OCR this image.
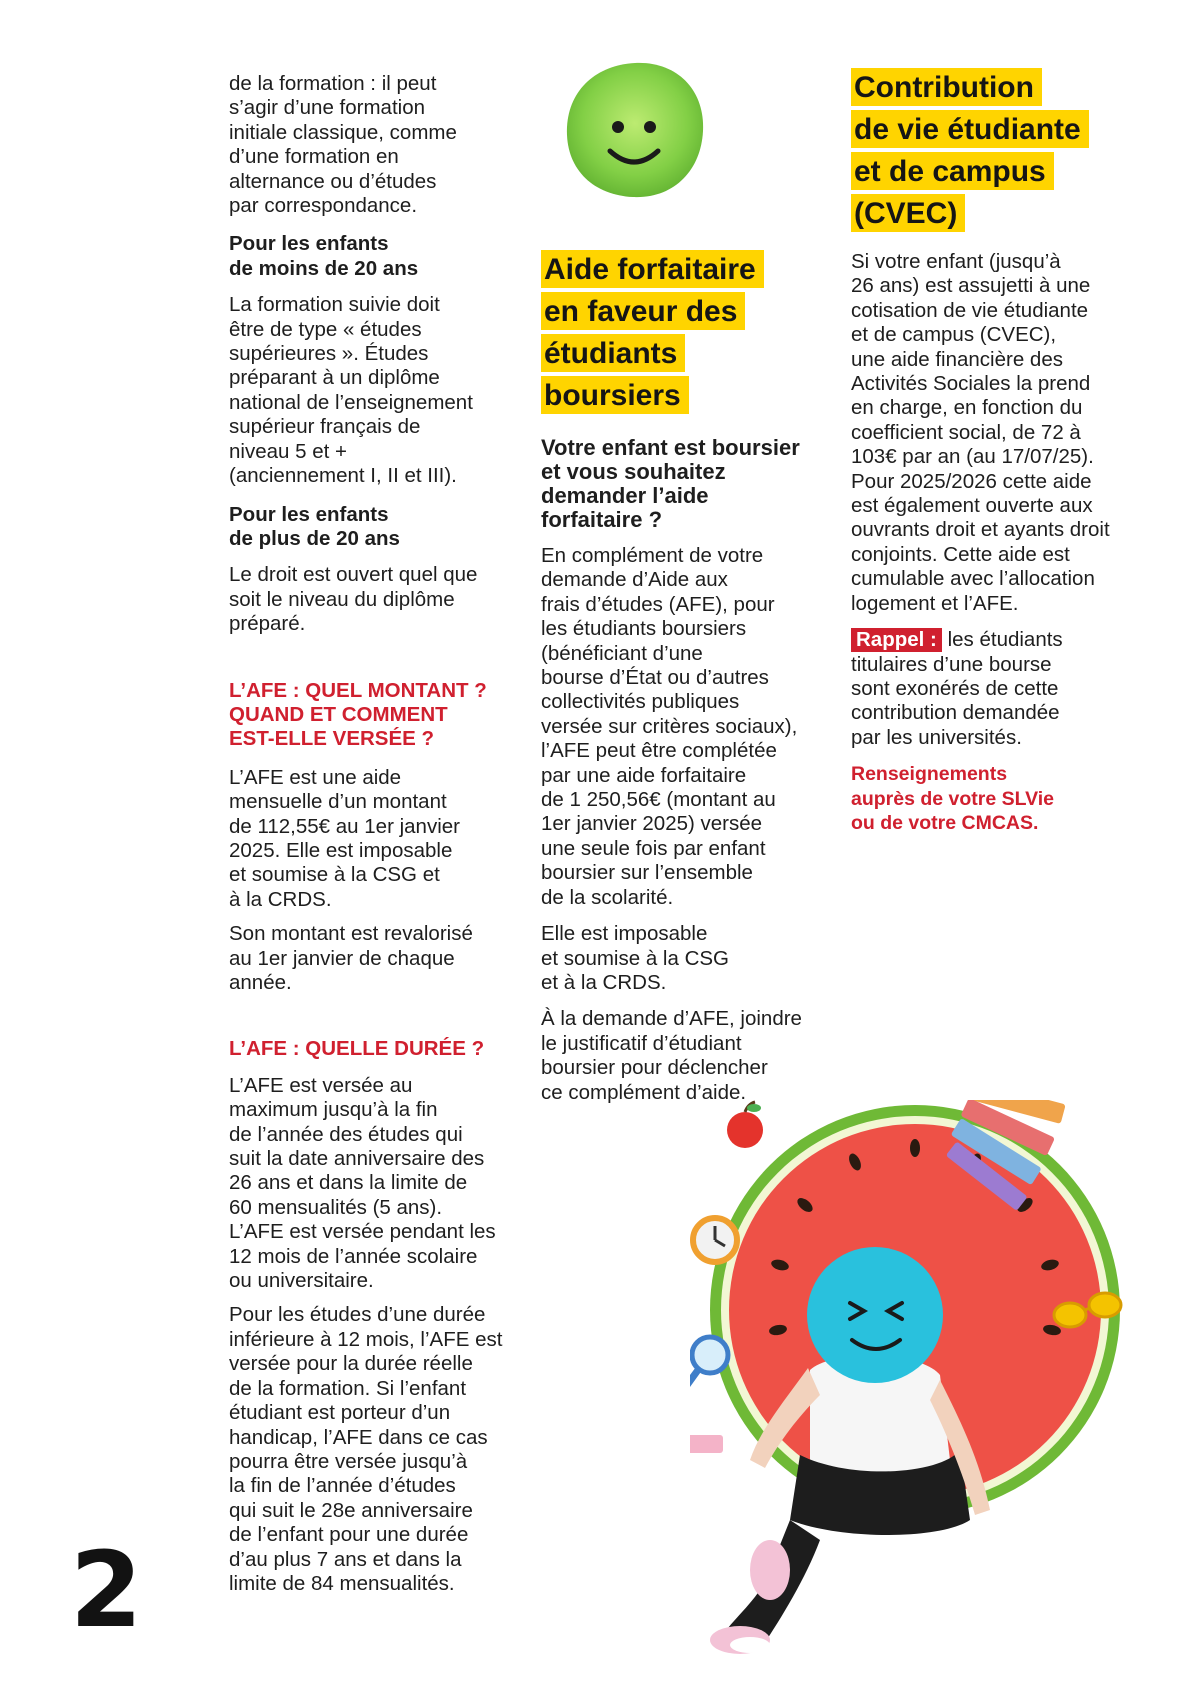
de la formation : il peut
s’agir d’une formation
initiale classique, comme
d’une formation en
alternance ou d’études
par correspondance.

Pour les enfants
de moins de 20 ans

La formation suivie doit
être de type « études
supérieures ». Études
préparant à un diplôme
national de l’enseignement
supérieur français de
niveau 5 et +
(anciennement I, II et III).

Pour les enfants
de plus de 20 ans

Le droit est ouvert quel que
soit le niveau du diplôme
préparé.

L’AFE : QUEL MONTANT ?
QUAND ET COMMENT
EST-ELLE VERSÉE ?

L’AFE est une aide
mensuelle d’un montant
de 112,55€ au 1er janvier
2025. Elle est imposable
et soumise à la CSG et
à la CRDS.

Son montant est revalorisé
au 1er janvier de chaque
année.

L’AFE : QUELLE DURÉE ?

L’AFE est versée au
maximum jusqu’à la fin
de l’année des études qui
suit la date anniversaire des
26 ans et dans la limite de
60 mensualités (5 ans).
L’AFE est versée pendant les
12 mois de l’année scolaire
ou universitaire.

Pour les études d’une durée
inférieure à 12 mois, l’AFE est
versée pour la durée réelle
de la formation. Si l’enfant
étudiant est porteur d’un
handicap, l’AFE dans ce cas
pourra être versée jusqu’à
la fin de l’année d’études
qui suit le 28e anniversaire
de l’enfant pour une durée
d’au plus 7 ans et dans la
limite de 84 mensualités.

Aide forfaitaire
en faveur des
étudiants
boursiers

Votre enfant est boursier
et vous souhaitez
demander l’aide
forfaitaire ?

En complément de votre
demande d’Aide aux
frais d’études (AFE), pour
les étudiants boursiers
(bénéficiant d’une
bourse d’État ou d’autres
collectivités publiques
versée sur critères sociaux),
l’AFE peut être complétée
par une aide forfaitaire
de 1 250,56€ (montant au
1er janvier 2025) versée
une seule fois par enfant
boursier sur l’ensemble
de la scolarité.

Elle est imposable
et soumise à la CSG
et à la CRDS.

À la demande d’AFE, joindre
le justificatif d’étudiant
boursier pour déclencher
ce complément d’aide.

Contribution
de vie étudiante
et de campus
(CVEC)

Si votre enfant (jusqu’à
26 ans) est assujetti à une
cotisation de vie étudiante
et de campus (CVEC),
une aide financière des
Activités Sociales la prend
en charge, en fonction du
coefficient social, de 72 à
103€ par an (au 17/07/25).
Pour 2025/2026 cette aide
est également ouverte aux
ouvrants droit et ayants droit
conjoints. Cette aide est
cumulable avec l’allocation
logement et l’AFE.

Rappel : les étudiants
titulaires d’une bourse
sont exonérés de cette
contribution demandée
par les universités.

Renseignements
auprès de votre SLVie
ou de votre CMCAS.

2
